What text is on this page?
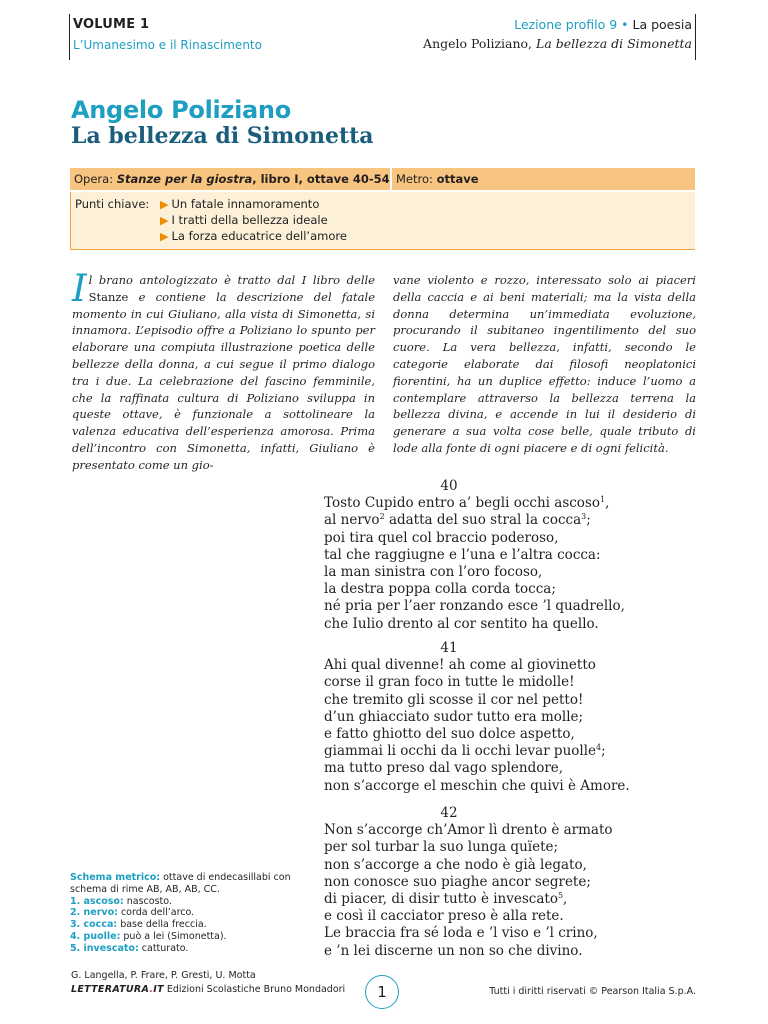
VOLUME 1
L’Umanesimo e il Rinascimento
Lezione profilo 9 • La poesia
Angelo Poliziano, La bellezza di Simonetta
Angelo Poliziano
La bellezza di Simonetta
Opera: Stanze per la giostra, libro I, ottave 40-54 Metro: ottave
Punti chiave: ▶ Un fatale innamoramento
▶ I tratti della bellezza ideale
▶ La forza educatrice dell’amore
Il brano antologizzato è tratto dal I libro delle Stanze e contiene la descrizione del fatale momento in cui Giuliano, alla vista di Simonetta, si innamora. L’episodio offre a Poliziano lo spunto per elaborare una compiuta illustrazione poetica delle bellezze della donna, a cui segue il primo dialogo tra i due. La celebrazione del fascino femminile, che la raffinata cultura di Poliziano sviluppa in queste ottave, è funzionale a sottolineare la valenza educativa dell’esperienza amorosa. Prima dell’incontro con Simonetta, infatti, Giuliano è presentato come un gio-
vane violento e rozzo, interessato solo ai piaceri della caccia e ai beni materiali; ma la vista della donna determina un’immediata evoluzione, procurando il subitaneo ingentilimento del suo cuore. La vera bellezza, infatti, secondo le categorie elaborate dai filosofi neoplatonici fiorentini, ha un duplice effetto: induce l’uomo a contemplare attraverso la bellezza terrena la bellezza divina, e accende in lui il desiderio di generare a sua volta cose belle, quale tributo di lode alla fonte di ogni piacere e di ogni felicità.
40
Tosto Cupido entro a’ begli occhi ascoso$^1$,
al nervo$^2$ adatta del suo stral la cocca$^3$;
poi tira quel col braccio poderoso,
tal che raggiugne e l’una e l’altra cocca:
la man sinistra con l’oro focoso,
la destra poppa colla corda tocca;
né pria per l’aer ronzando esce ’l quadrello,
che Iulio drento al cor sentito ha quello.
41
Ahi qual divenne! ah come al giovinetto
corse il gran foco in tutte le midolle!
che tremito gli scosse il cor nel petto!
d’un ghiacciato sudor tutto era molle;
e fatto ghiotto del suo dolce aspetto,
giammai li occhi da li occhi levar puolle$^4$;
ma tutto preso dal vago splendore,
non s’accorge el meschin che quivi è Amore.
42
Non s’accorge ch’Amor lì drento è armato
per sol turbar la suo lunga quïete;
non s’accorge a che nodo è già legato,
non conosce suo piaghe ancor segrete;
di piacer, di disir tutto è invescato$^5$,
e così il cacciator preso è alla rete.
Le braccia fra sé loda e ’l viso e ’l crino,
e ’n lei discerne un non so che divino.
Schema metrico: ottave di endecasillabi con schema di rime AB, AB, AB, CC.
1. ascoso: nascosto.
2. nervo: corda dell’arco.
3. cocca: base della freccia.
4. puolle: può a lei (Simonetta).
5. invescato: catturato.
G. Langella, P. Frare, P. Gresti, U. Motta
LETTERATURA.IT Edizioni Scolastiche Bruno Mondadori	1	Tutti i diritti riservati © Pearson Italia S.p.A.
